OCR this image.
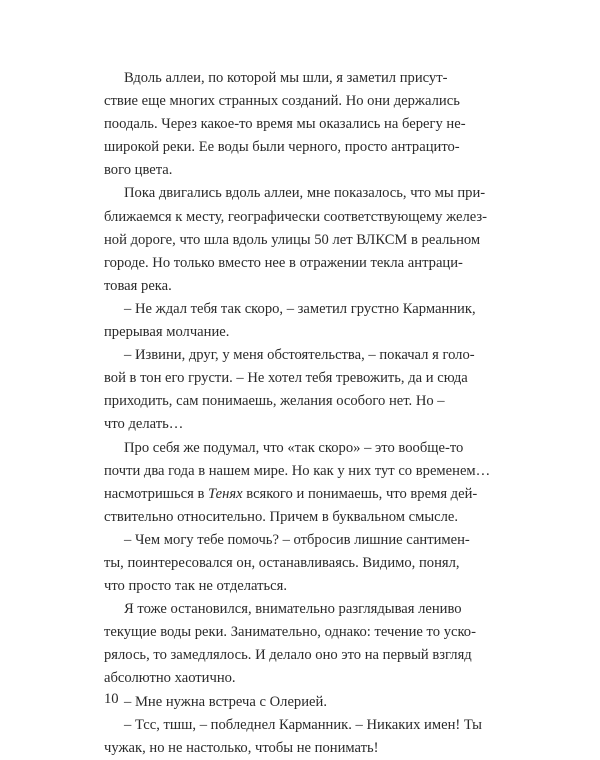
Вдоль аллеи, по которой мы шли, я заметил присут-
ствие еще многих странных созданий. Но они держались
поодаль. Через какое-то время мы оказались на берегу не-
широкой реки. Ее воды были черного, просто антрацито-
вого цвета.
Пока двигались вдоль аллеи, мне показалось, что мы при-
ближаемся к месту, географически соответствующему желез-
ной дороге, что шла вдоль улицы 50 лет ВЛКСМ в реальном
городе. Но только вместо нее в отражении текла антраци-
товая река.
– Не ждал тебя так скоро, – заметил грустно Карманник,
прерывая молчание.
– Извини, друг, у меня обстоятельства, – покачал я голо-
вой в тон его грусти. – Не хотел тебя тревожить, да и сюда
приходить, сам понимаешь, желания особого нет. Но –
что делать…
Про себя же подумал, что «так скоро» – это вообще-то
почти два года в нашем мире. Но как у них тут со временем…
насмотришься в Тенях всякого и понимаешь, что время дей-
ствительно относительно. Причем в буквальном смысле.
– Чем могу тебе помочь? – отбросив лишние сантимен-
ты, поинтересовался он, останавливаясь. Видимо, понял,
что просто так не отделаться.
Я тоже остановился, внимательно разглядывая лениво
текущие воды реки. Занимательно, однако: течение то уско-
рялось, то замедлялось. И делало оно это на первый взгляд
абсолютно хаотично.
– Мне нужна встреча с Олерией.
– Тсс, тшш, – побледнел Карманник. – Никаких имен! Ты
чужак, но не настолько, чтобы не понимать!
10
